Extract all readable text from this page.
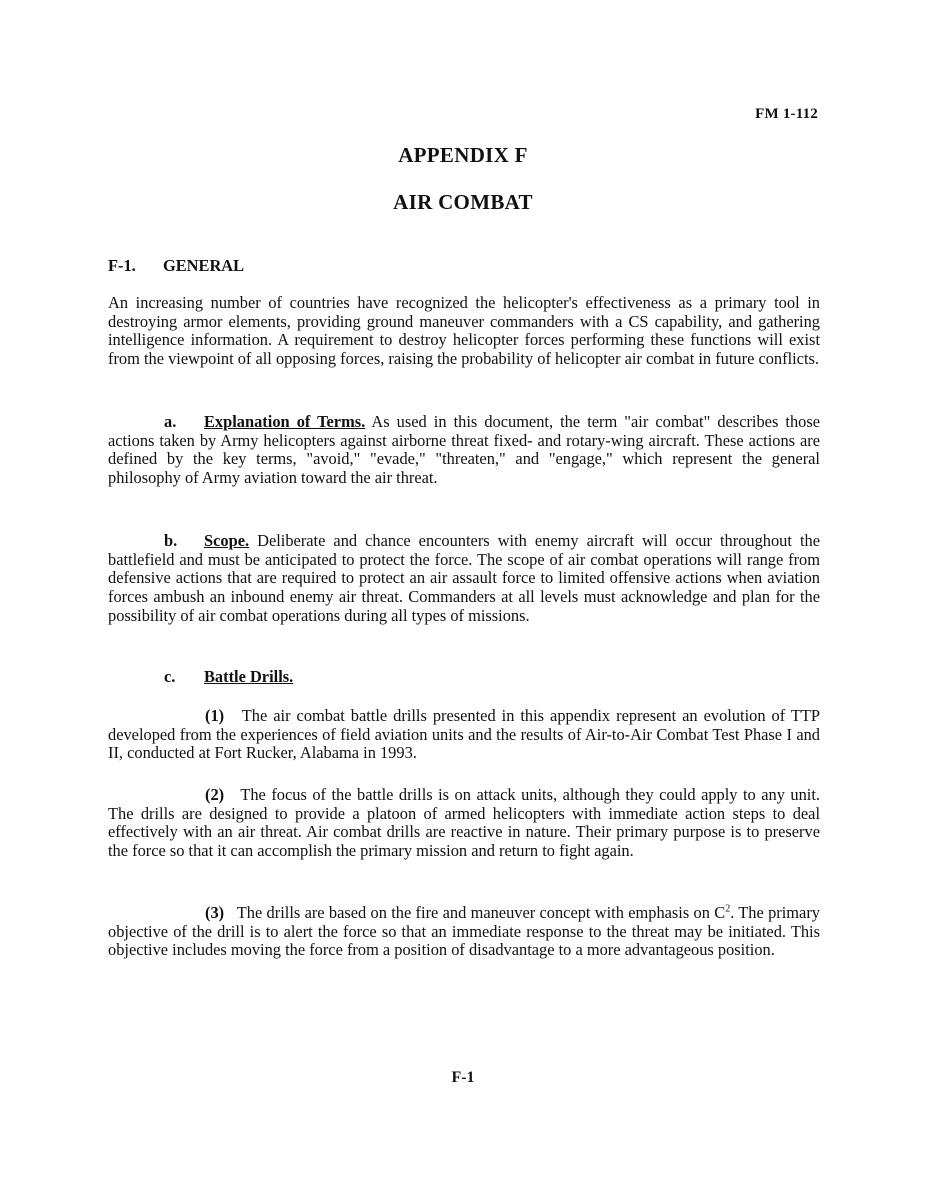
FM 1-112
APPENDIX F
AIR COMBAT
F-1. GENERAL

An increasing number of countries have recognized the helicopter's effectiveness as a primary tool in destroying armor elements, providing ground maneuver commanders with a CS capability, and gathering intelligence information. A requirement to destroy helicopter forces performing these functions will exist from the viewpoint of all opposing forces, raising the probability of helicopter air combat in future conflicts.

a. Explanation of Terms. As used in this document, the term "air combat" describes those actions taken by Army helicopters against airborne threat fixed- and rotary-wing aircraft. These actions are defined by the key terms, "avoid," "evade," "threaten," and "engage," which represent the general philosophy of Army aviation toward the air threat.

b. Scope. Deliberate and chance encounters with enemy aircraft will occur throughout the battlefield and must be anticipated to protect the force. The scope of air combat operations will range from defensive actions that are required to protect an air assault force to limited offensive actions when aviation forces ambush an inbound enemy air threat. Commanders at all levels must acknowledge and plan for the possibility of air combat operations during all types of missions.

c. Battle Drills.

(1) The air combat battle drills presented in this appendix represent an evolution of TTP developed from the experiences of field aviation units and the results of Air-to-Air Combat Test Phase I and II, conducted at Fort Rucker, Alabama in 1993.

(2) The focus of the battle drills is on attack units, although they could apply to any unit. The drills are designed to provide a platoon of armed helicopters with immediate action steps to deal effectively with an air threat. Air combat drills are reactive in nature. Their primary purpose is to preserve the force so that it can accomplish the primary mission and return to fight again.

(3) The drills are based on the fire and maneuver concept with emphasis on $C^2$. The primary objective of the drill is to alert the force so that an immediate response to the threat may be initiated. This objective includes moving the force from a position of disadvantage to a more advantageous position.

F-1
